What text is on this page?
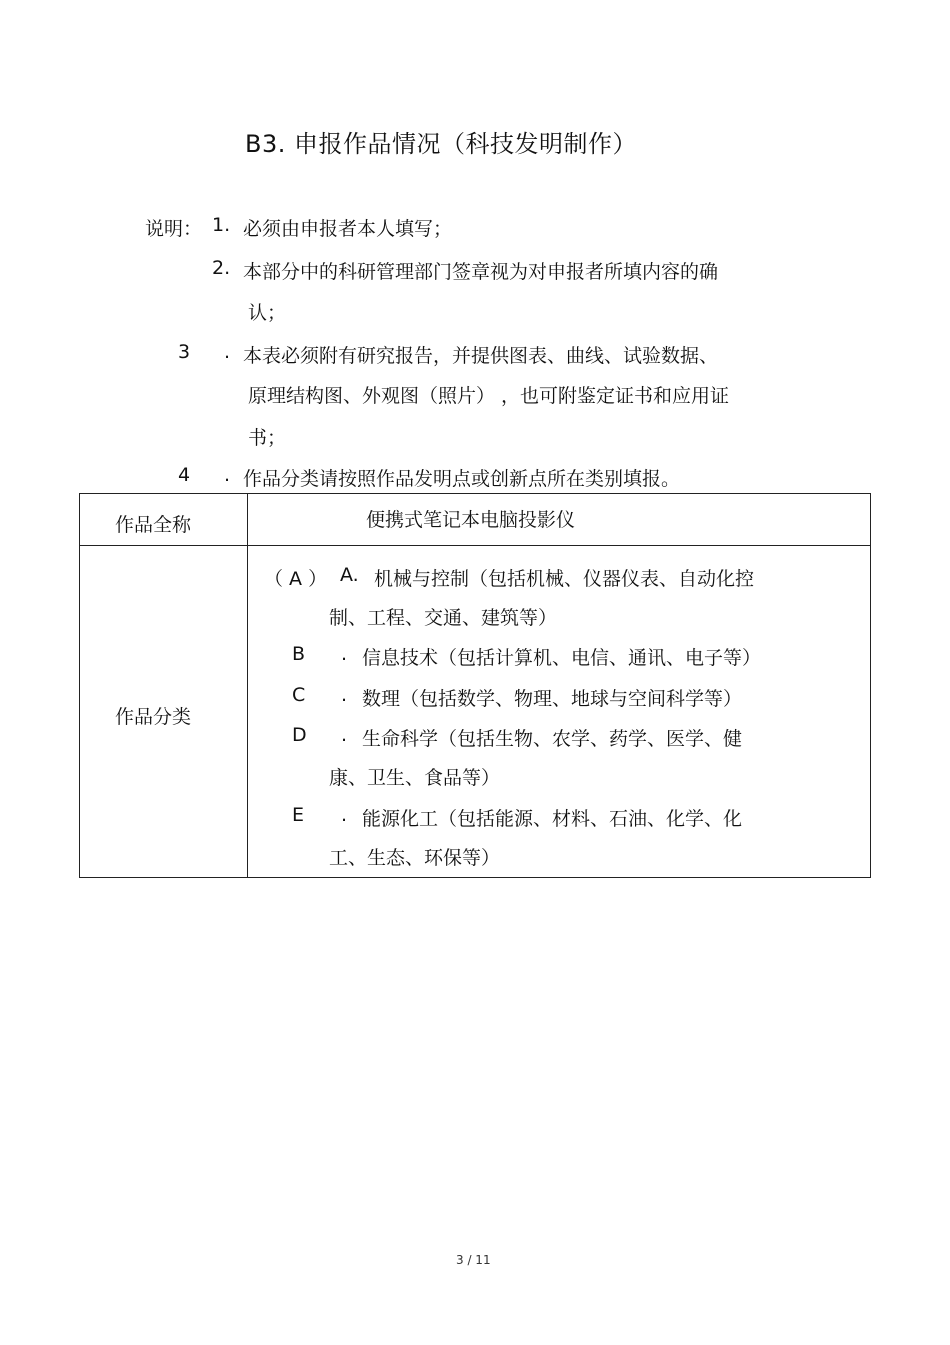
B3. 申报作品情况（科技发明制作）
说明： 1. 必须由申报者本人填写；
2. 本部分中的科研管理部门签章视为对申报者所填内容的确
认；
3 . 本表必须附有研究报告，并提供图表、曲线、试验数据、
原理结构图、外观图（照片） ，也可附鉴定证书和应用证
书；
4 . 作品分类请按照作品发明点或创新点所在类别填报。
作品全称	便携式笔记本电脑投影仪
作品分类
（ A ） A. 机械与控制（包括机械、仪器仪表、自动化控
制、工程、交通、建筑等）
B . 信息技术（包括计算机、电信、通讯、电子等）
C . 数理（包括数学、物理、地球与空间科学等）
D . 生命科学（包括生物、农学、药学、医学、健
康、卫生、食品等）
E . 能源化工（包括能源、材料、石油、化学、化
工、生态、环保等）
3 / 11
